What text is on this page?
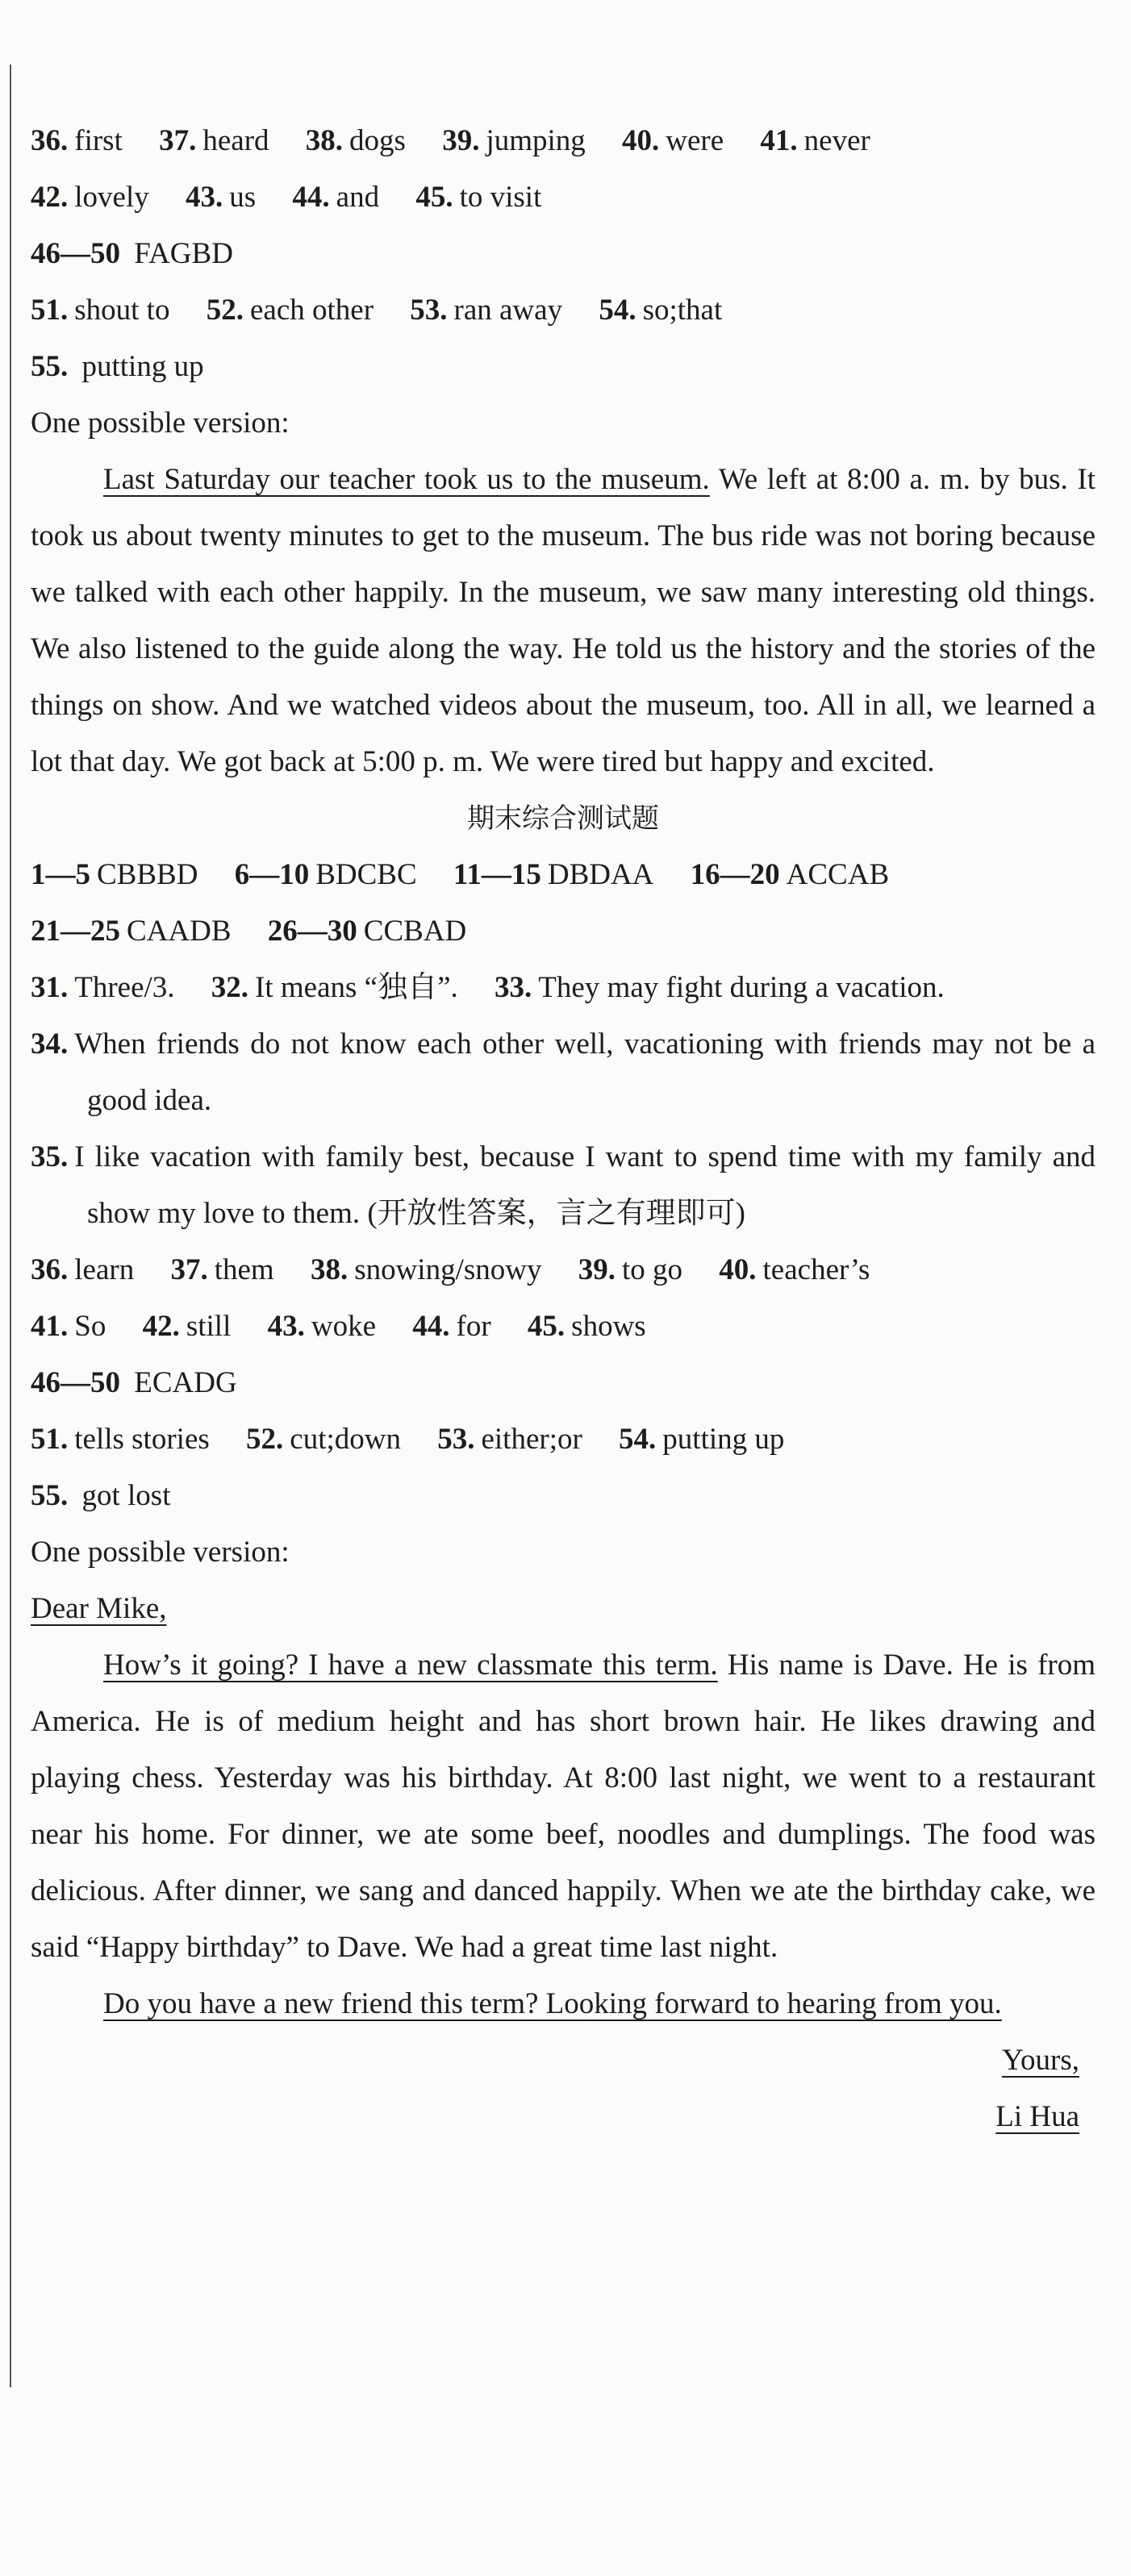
36. first 37. heard 38. dogs 39. jumping 40. were 41. never
42. lovely 43. us 44. and 45. to visit
46—50 FAGBD
51. shout to 52. each other 53. ran away 54. so;that
55. putting up
One possible version:
Last Saturday our teacher took us to the museum. We left at 8:00 a. m. by bus. It took us about twenty minutes to get to the museum. The bus ride was not boring because we talked with each other happily. In the museum, we saw many interesting old things. We also listened to the guide along the way. He told us the history and the stories of the things on show. And we watched videos about the museum, too. All in all, we learned a lot that day. We got back at 5:00 p. m. We were tired but happy and excited.
期末综合测试题
1—5 CBBBD 6—10 BDCBC 11—15 DBDAA 16—20 ACCAB
21—25 CAADB 26—30 CCBAD
31. Three/3. 32. It means “独自”. 33. They may fight during a vacation.
34. When friends do not know each other well, vacationing with friends may not be a good idea.
35. I like vacation with family best, because I want to spend time with my family and show my love to them. (开放性答案，言之有理即可)
36. learn 37. them 38. snowing/snowy 39. to go 40. teacher’s
41. So 42. still 43. woke 44. for 45. shows
46—50 ECADG
51. tells stories 52. cut;down 53. either;or 54. putting up
55. got lost
One possible version:
Dear Mike,
How’s it going? I have a new classmate this term. His name is Dave. He is from America. He is of medium height and has short brown hair. He likes drawing and playing chess. Yesterday was his birthday. At 8:00 last night, we went to a restaurant near his home. For dinner, we ate some beef, noodles and dumplings. The food was delicious. After dinner, we sang and danced happily. When we ate the birthday cake, we said “Happy birthday” to Dave. We had a great time last night.
Do you have a new friend this term? Looking forward to hearing from you.
Yours,
Li Hua
